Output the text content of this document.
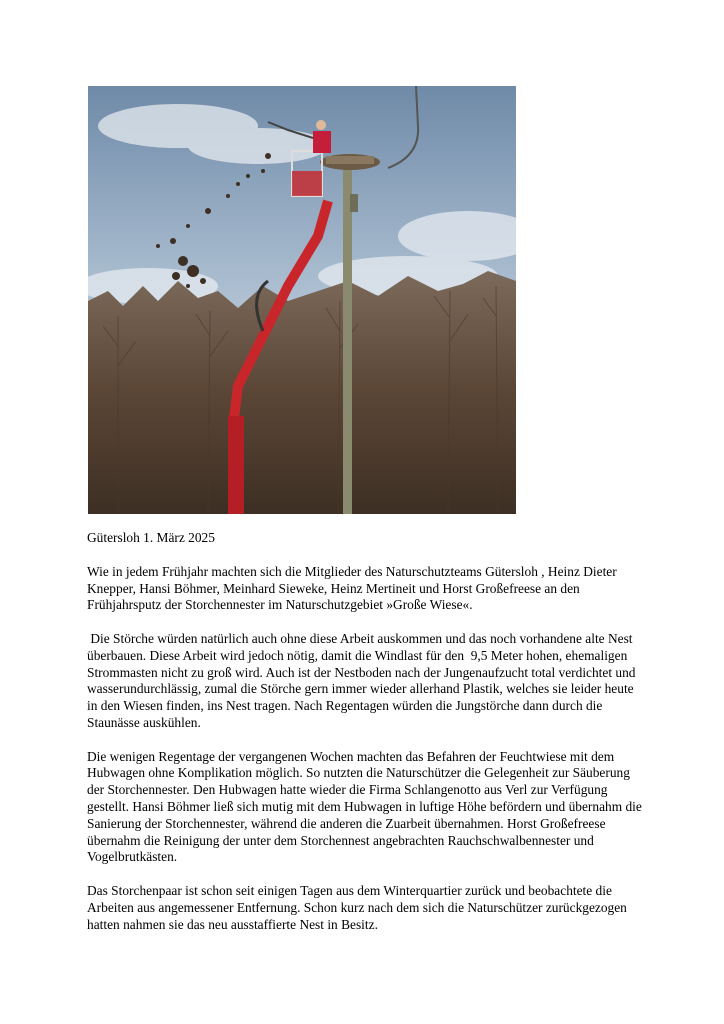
Gütersloh 1. März 2025

Wie in jedem Frühjahr machten sich die Mitglieder des Naturschutzteams Gütersloh , Heinz Dieter Knepper, Hansi Böhmer, Meinhard Sieweke, Heinz Mertineit und Horst Großefreese an den Frühjahrsputz der Storchennester im Naturschutzgebiet »Große Wiese«.

Die Störche würden natürlich auch ohne diese Arbeit auskommen und das noch vorhandene alte Nest überbauen. Diese Arbeit wird jedoch nötig, damit die Windlast für den  9,5 Meter hohen, ehemaligen Strommasten nicht zu groß wird. Auch ist der Nestboden nach der Jungenaufzucht total verdichtet und wasserundurchlässig, zumal die Störche gern immer wieder allerhand Plastik, welches sie leider heute in den Wiesen finden, ins Nest tragen. Nach Regentagen würden die Jungstörche dann durch die Staunässe auskühlen.

Die wenigen Regentage der vergangenen Wochen machten das Befahren der Feuchtwiese mit dem Hubwagen ohne Komplikation möglich. So nutzten die Naturschützer die Gelegenheit zur Säuberung der Storchennester. Den Hubwagen hatte wieder die Firma Schlangenotto aus Verl zur Verfügung gestellt. Hansi Böhmer ließ sich mutig mit dem Hubwagen in luftige Höhe befördern und übernahm die Sanierung der Storchennester, während die anderen die Zuarbeit übernahmen. Horst Großefreese übernahm die Reinigung der unter dem Storchennest angebrachten Rauchschwalbennester und Vogelbrutkästen.

Das Storchenpaar ist schon seit einigen Tagen aus dem Winterquartier zurück und beobachtete die Arbeiten aus angemessener Entfernung. Schon kurz nach dem sich die Naturschützer zurückgezogen hatten nahmen sie das neu ausstaffierte Nest in Besitz.
